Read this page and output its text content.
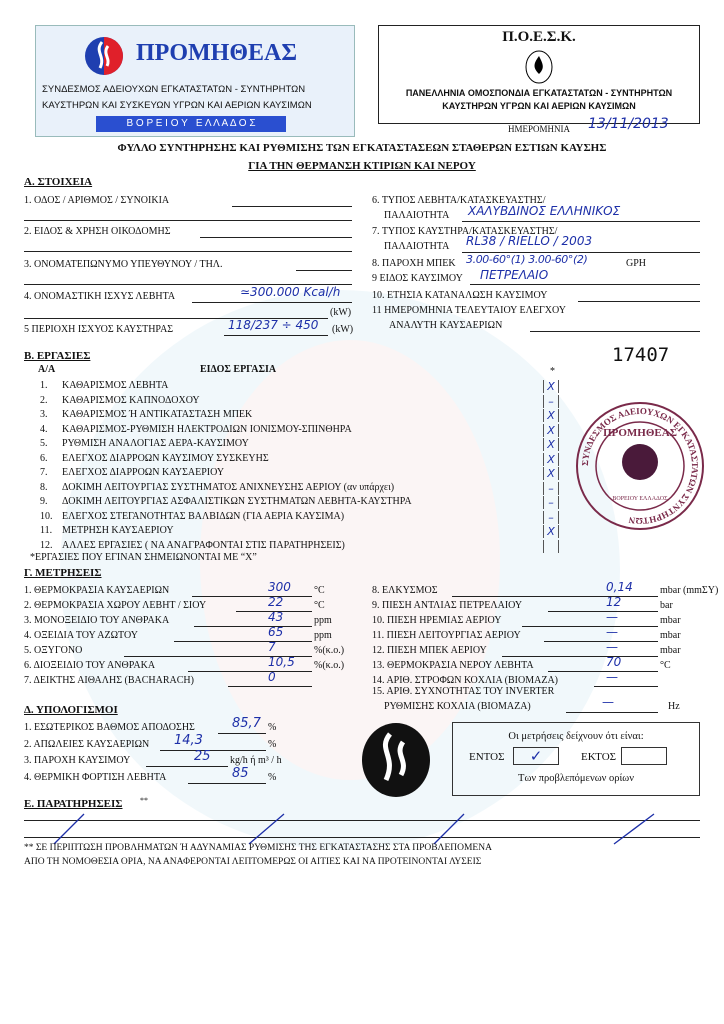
ΠΡΟΜΗΘΕΑΣ
ΣΥΝΔΕΣΜΟΣ ΑΔΕΙΟΥΧΩΝ ΕΓΚΑΤΑΣΤΑΤΩΝ - ΣΥΝΤΗΡΗΤΩΝ
ΚΑΥΣΤΗΡΩΝ ΚΑΙ ΣΥΣΚΕΥΩΝ ΥΓΡΩΝ ΚΑΙ ΑΕΡΙΩΝ ΚΑΥΣΙΜΩΝ
Β Ο Ρ Ε Ι Ο Υ   Ε Λ Λ Α Δ Ο Σ
Π.Ο.Ε.Σ.Κ.
ΠΑΝΕΛΛΗΝΙΑ ΟΜΟΣΠΟΝΔΙΑ ΕΓΚΑΤΑΣΤΑΤΩΝ - ΣΥΝΤΗΡΗΤΩΝ
ΚΑΥΣΤΗΡΩΝ ΥΓΡΩΝ ΚΑΙ ΑΕΡΙΩΝ ΚΑΥΣΙΜΩΝ
ΗΜΕΡΟΜΗΝΙΑ 13/11/2013
ΦΥΛΛΟ ΣΥΝΤΗΡΗΣΗΣ ΚΑΙ ΡΥΘΜΙΣΗΣ ΤΩΝ ΕΓΚΑΤΑΣΤΑΣΕΩΝ ΣΤΑΘΕΡΩΝ ΕΣΤΙΩΝ ΚΑΥΣΗΣ
ΓΙΑ ΤΗΝ ΘΕΡΜΑΝΣΗ ΚΤΙΡΙΩΝ ΚΑΙ ΝΕΡΟΥ
Α. ΣΤΟΙΧΕΙΑ
1. ΟΔΟΣ / ΑΡΙΘΜΟΣ / ΣΥΝΟΙΚΙΑ
2. ΕΙΔΟΣ & ΧΡΗΣΗ ΟΙΚΟΔΟΜΗΣ
3. ΟΝΟΜΑΤΕΠΩΝΥΜΟ ΥΠΕΥΘΥΝΟΥ / ΤΗΛ.
4. ΟΝΟΜΑΣΤΙΚΗ ΙΣΧΥΣ ΛΕΒΗΤΑ	≃300.000 Kcal/h
(kW)
5 ΠΕΡΙΟΧΗ ΙΣΧΥΟΣ ΚΑΥΣΤΗΡΑΣ	118/237 ÷ 450 (kW)
6. ΤΥΠΟΣ ΛΕΒΗΤΑ/ΚΑΤΑΣΚΕΥΑΣΤΗΣ/
ΠΑΛΑΙΟΤΗΤΑ ΧΑΛΥΒΔΙΝΟΣ ΕΛΛΗΝΙΚΟΣ
7. ΤΥΠΟΣ ΚΑΥΣΤΗΡΑ/ΚΑΤΑΣΚΕΥΑΣΤΗΣ/
ΠΑΛΑΙΟΤΗΤΑ RL38 / RIELLO / 2003
8. ΠΑΡΟΧΗ ΜΠΕΚ 3.00-60°(1) 3.00-60°(2)	GPH
9 ΕΙΔΟΣ ΚΑΥΣΙΜΟΥ ΠΕΤΡΕΛΑΙΟ
10. ΕΤΗΣΙΑ ΚΑΤΑΝΑΛΩΣΗ ΚΑΥΣΙΜΟΥ
11 ΗΜΕΡΟΜΗΝΙΑ ΤΕΛΕΥΤΑΙΟΥ ΕΛΕΓΧΟΥ
ΑΝΑΛΥΤΗ ΚΑΥΣΑΕΡΙΩΝ
17407
Β. ΕΡΓΑΣΙΕΣ
Α/Α	ΕΙΔΟΣ ΕΡΓΑΣΙΑ	*
1. ΚΑΘΑΡΙΣΜΟΣ ΛΕΒΗΤΑ	X
2. ΚΑΘΑΡΙΣΜΟΣ ΚΑΠΝΟΔΟΧΟΥ	–
3. ΚΑΘΑΡΙΣΜΟΣ Ή ΑΝΤΙΚΑΤΑΣΤΑΣΗ ΜΠΕΚ	X
4. ΚΑΘΑΡΙΣΜΟΣ-ΡΥΘΜΙΣΗ ΗΛΕΚΤΡΟΔΙΩΝ ΙΟΝΙΣΜΟΥ-ΣΠΙΝΘΗΡΑ	X
5. ΡΥΘΜΙΣΗ ΑΝΑΛΟΓΙΑΣ ΑΕΡΑ-ΚΑΥΣΙΜΟΥ	X
6. ΕΛΕΓΧΟΣ ΔΙΑΡΡΟΩΝ ΚΑΥΣΙΜΟΥ ΣΥΣΚΕΥΗΣ	X
7. ΕΛΕΓΧΟΣ ΔΙΑΡΡΟΩΝ ΚΑΥΣΑΕΡΙΟΥ	X
8. ΔΟΚΙΜΗ ΛΕΙΤΟΥΡΓΙΑΣ ΣΥΣΤΗΜΑΤΟΣ ΑΝΙΧΝΕΥΣΗΣ ΑΕΡΙΟΥ (αν υπάρχει)	–
9. ΔΟΚΙΜΗ ΛΕΙΤΟΥΡΓΙΑΣ ΑΣΦΑΛΙΣΤΙΚΩΝ ΣΥΣΤΗΜΑΤΩΝ ΛΕΒΗΤΑ-ΚΑΥΣΤΗΡΑ	–
10. ΕΛΕΓΧΟΣ ΣΤΕΓΑΝΟΤΗΤΑΣ ΒΑΛΒΙΔΩΝ (ΓΙΑ ΑΕΡΙΑ ΚΑΥΣΙΜΑ)	–
11. ΜΕΤΡΗΣΗ ΚΑΥΣΑΕΡΙΟΥ	X
12. ΑΛΛΕΣ ΕΡΓΑΣΙΕΣ ( ΝΑ ΑΝΑΓΡΑΦΟΝΤΑΙ ΣΤΙΣ ΠΑΡΑΤΗΡΗΣΕΙΣ)
*ΕΡΓΑΣΙΕΣ ΠΟΥ ΕΓΙΝΑΝ ΣΗΜΕΙΩΝΟΝΤΑΙ ΜΕ “Χ”
ΣΥΝΔΕΣΜΟΣ ΑΔΕΙΟΥΧΩΝ ΕΓΚΑΤΑΣΤΑΤΩΝ ΣΥΝΤΗΡΗΤΩΝ
ΠΡΟΜΗΘΕΑΣ
ΒΟΡΕΙΟΥ ΕΛΛΑΔΟΣ
Γ. ΜΕΤΡΗΣΕΙΣ
1. ΘΕΡΜΟΚΡΑΣΙΑ ΚΑΥΣΑΕΡΙΩΝ	300 °C
2. ΘΕΡΜΟΚΡΑΣΙΑ ΧΩΡΟΥ ΛΕΒΗΤ / ΣΙΟΥ	22	°C
3. ΜΟΝΟΞΕΙΔΙΟ ΤΟΥ ΑΝΘΡΑΚΑ	43	ppm
4. ΟΞΕΙΔΙΑ ΤΟΥ ΑΖΩΤΟΥ	65	ppm
5. ΟΞΥΓΟΝΟ	7	%(κ.ο.)
6. ΔΙΟΞΕΙΔΙΟ ΤΟΥ ΑΝΘΡΑΚΑ	10,5 %(κ.ο.)
7. ΔΕΙΚΤΗΣ ΑΙΘΑΛΗΣ (BACHARACH)	0
8. ΕΛΚΥΣΜΟΣ	0,14	mbar (mmΣΥ)
9. ΠΙΕΣΗ ΑΝΤΛΙΑΣ ΠΕΤΡΕΛΑΙΟΥ	12	bar
10. ΠΙΕΣΗ ΗΡΕΜΙΑΣ ΑΕΡΙΟΥ	—	mbar
11. ΠΙΕΣΗ ΛΕΙΤΟΥΡΓΙΑΣ ΑΕΡΙΟΥ	—	mbar
12. ΠΙΕΣΗ ΜΠΕΚ ΑΕΡΙΟΥ	—	mbar
13. ΘΕΡΜΟΚΡΑΣΙΑ ΝΕΡΟΥ ΛΕΒΗΤΑ	70	°C
14. ΑΡΙΘ. ΣΤΡΟΦΩΝ ΚΟΧΛΙΑ (ΒΙΟΜΑΖΑ)	—
15. ΑΡΙΘ. ΣΥΧΝΟΤΗΤΑΣ ΤΟΥ INVERTER
ΡΥΘΜΙΣΗΣ ΚΟΧΛΙΑ (ΒΙΟΜΑΖΑ)	—	Hz
Δ. ΥΠΟΛΟΓΙΣΜΟΙ
1. ΕΣΩΤΕΡΙΚΟΣ ΒΑΘΜΟΣ ΑΠΟΔΟΣΗΣ	85,7 %
2. ΑΠΩΛΕΙΕΣ ΚΑΥΣΑΕΡΙΩΝ 14,3	%
3. ΠΑΡΟΧΗ ΚΑΥΣΙΜΟΥ	25 kg/h ή m³ / h
4. ΘΕΡΜΙΚΗ ΦΟΡΤΙΣΗ ΛΕΒΗΤΑ	85 %
Οι μετρήσεις δείχνουν ότι είναι:
ΕΝΤΟΣ	✓	ΕΚΤΟΣ
Των προβλεπόμενων ορίων
Ε. ΠΑΡΑΤΗΡΗΣΕΙΣ **
** ΣΕ ΠΕΡΙΠΤΩΣΗ ΠΡΟΒΛΗΜΑΤΩΝ Ή ΑΔΥΝΑΜΙΑΣ ΡΥΘΜΙΣΗΣ ΤΗΣ ΕΓΚΑΤΑΣΤΑΣΗΣ ΣΤΑ ΠΡΟΒΛΕΠΟΜΕΝΑ
ΑΠΟ ΤΗ ΝΟΜΟΘΕΣΙΑ ΟΡΙΑ, ΝΑ ΑΝΑΦΕΡΟΝΤΑΙ ΛΕΠΤΟΜΕΡΩΣ ΟΙ ΑΙΤΙΕΣ ΚΑΙ ΝΑ ΠΡΟΤΕΙΝΟΝΤΑΙ ΛΥΣΕΙΣ
